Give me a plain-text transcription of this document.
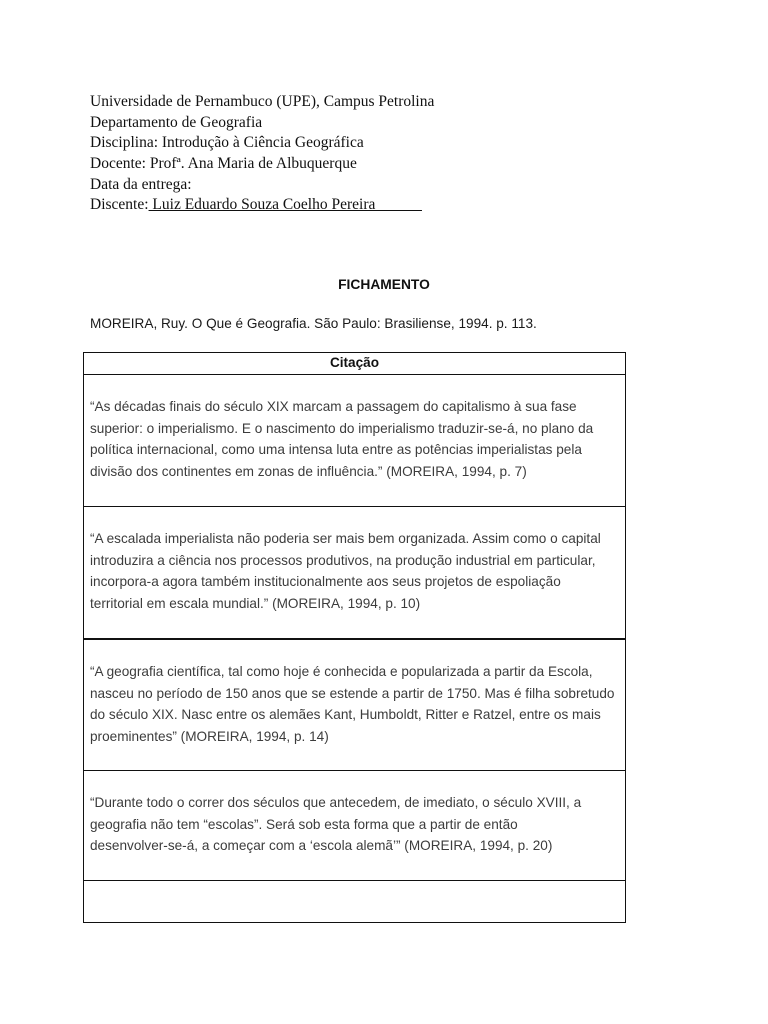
Universidade de Pernambuco (UPE), Campus Petrolina
Departamento de Geografia
Disciplina: Introdução à Ciência Geográfica
Docente: Profª. Ana Maria de Albuquerque
Data da entrega:
Discente: Luiz Eduardo Souza Coelho Pereira______
FICHAMENTO
MOREIRA, Ruy. O Que é Geografia. São Paulo: Brasiliense, 1994. p. 113.
Citação
“As décadas finais do século XIX marcam a passagem do capitalismo à sua fase
superior: o imperialismo. E o nascimento do imperialismo traduzir-se-á, no plano da
política internacional, como uma intensa luta entre as potências imperialistas pela
divisão dos continentes em zonas de influência.” (MOREIRA, 1994, p. 7)
“A escalada imperialista não poderia ser mais bem organizada. Assim como o capital
introduzira a ciência nos processos produtivos, na produção industrial em particular,
incorpora-a agora também institucionalmente aos seus projetos de espoliação
territorial em escala mundial.” (MOREIRA, 1994, p. 10)
“A geografia científica, tal como hoje é conhecida e popularizada a partir da Escola,
nasceu no período de 150 anos que se estende a partir de 1750. Mas é filha sobretudo
do século XIX. Nasc entre os alemães Kant, Humboldt, Ritter e Ratzel, entre os mais
proeminentes” (MOREIRA, 1994, p. 14)
“Durante todo o correr dos séculos que antecedem, de imediato, o século XVIII, a
geografia não tem “escolas”. Será sob esta forma que a partir de então
desenvolver-se-á, a começar com a ‘escola alemã’” (MOREIRA, 1994, p. 20)
